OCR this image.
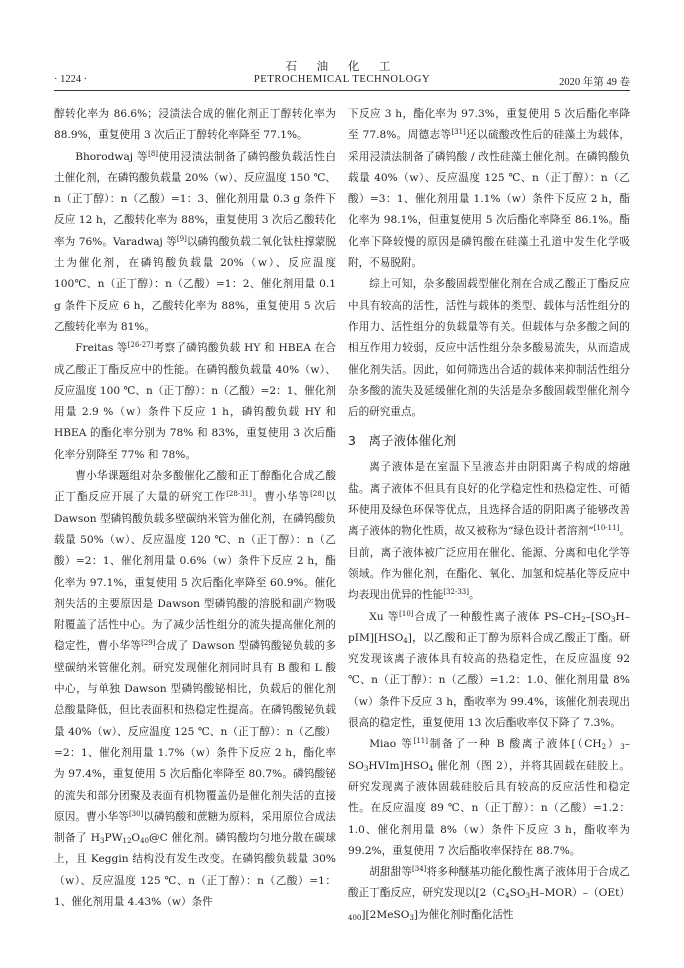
石 油 化 工
PETROCHEMICAL TECHNOLOGY
· 1224 ·	2020 年第 49 卷

醇转化率为 86.6%；浸渍法合成的催化剂正丁醇转化率为 88.9%，重复使用 3 次后正丁醇转化率降至 77.1%。

Bhorodwaj 等[8]使用浸渍法制备了磷钨酸负载活性白土催化剂，在磷钨酸负载量 20%（w）、反应温度 150 ℃、n（正丁醇）：n（乙酸）=1：3、催化剂用量 0.3 g 条件下反应 12 h，乙酸转化率为 88%，重复使用 3 次后乙酸转化率为 76%。Varadwaj 等[9]以磷钨酸负载二氧化钛柱撑蒙脱土为催化剂，在磷钨酸负载量 20%（w）、反应温度 100℃、n（正丁醇）：n（乙酸）=1：2、催化剂用量 0.1 g 条件下反应 6 h，乙酸转化率为 88%，重复使用 5 次后乙酸转化率为 81%。

Freitas 等[26-27]考察了磷钨酸负载 HY 和 HBEA 在合成乙酸正丁酯反应中的性能。在磷钨酸负载量 40%（w）、反应温度 100 ℃、n（正丁醇）：n（乙酸）=2：1、催化剂用量 2.9 %（w）条件下反应 1 h，磷钨酸负载 HY 和 HBEA 的酯化率分别为 78% 和 83%，重复使用 3 次后酯化率分别降至 77% 和 78%。

曹小华课题组对杂多酸催化乙酸和正丁醇酯化合成乙酸正丁酯反应开展了大量的研究工作[28-31]。曹小华等[28]以 Dawson 型磷钨酸负载多壁碳纳米管为催化剂，在磷钨酸负载量 50%（w）、反应温度 120 ℃、n（正丁醇）：n（乙酸）=2：1、催化剂用量 0.6%（w）条件下反应 2 h，酯化率为 97.1%，重复使用 5 次后酯化率降至 60.9%。催化剂失活的主要原因是 Dawson 型磷钨酸的溶脱和副产物吸附覆盖了活性中心。为了减少活性组分的流失提高催化剂的稳定性，曹小华等[29]合成了 Dawson 型磷钨酸铋负载的多壁碳纳米管催化剂。研究发现催化剂同时具有 B 酸和 L 酸中心，与单独 Dawson 型磷钨酸铋相比，负载后的催化剂总酸量降低，但比表面积和热稳定性提高。在磷钨酸铋负载量 40%（w）、反应温度 125 ℃、n（正丁醇）：n（乙酸）=2：1、催化剂用量 1.7%（w）条件下反应 2 h，酯化率为 97.4%，重复使用 5 次后酯化率降至 80.7%。磷钨酸铋的流失和部分团聚及表面有机物覆盖仍是催化剂失活的直接原因。曹小华等[30]以磷钨酸和蔗糖为原料，采用原位合成法制备了 $H_3PW_{12}O_{40}@C$ 催化剂。磷钨酸均匀地分散在碳球上，且 Keggin 结构没有发生改变。在磷钨酸负载量 30%（w）、反应温度 125 ℃、n（正丁醇）：n（乙酸）=1：1、催化剂用量 4.43%（w）条件

下反应 3 h，酯化率为 97.3%，重复使用 5 次后酯化率降至 77.8%。周德志等[31]还以硫酸改性后的硅藻土为载体，采用浸渍法制备了磷钨酸 / 改性硅藻土催化剂。在磷钨酸负载量 40%（w）、反应温度 125 ℃、n（正丁醇）：n（乙酸）=3：1、催化剂用量 1.1%（w）条件下反应 2 h，酯化率为 98.1%，但重复使用 5 次后酯化率降至 86.1%。酯化率下降较慢的原因是磷钨酸在硅藻土孔道中发生化学吸附，不易脱附。

综上可知，杂多酸固载型催化剂在合成乙酸正丁酯反应中具有较高的活性，活性与载体的类型、载体与活性组分的作用力、活性组分的负载量等有关。但载体与杂多酸之间的相互作用力较弱，反应中活性组分杂多酸易流失，从而造成催化剂失活。因此，如何筛选出合适的载体来抑制活性组分杂多酸的流失及延缓催化剂的失活是杂多酸固载型催化剂今后的研究重点。

3　离子液体催化剂

离子液体是在室温下呈液态并由阴阳离子构成的熔融盐。离子液体不但具有良好的化学稳定性和热稳定性、可循环使用及绿色环保等优点，且选择合适的阴阳离子能够改善离子液体的物化性质，故又被称为“绿色设计者溶剂”[10-11]。目前，离子液体被广泛应用在催化、能源、分离和电化学等领域。作为催化剂，在酯化、氧化、加氢和烷基化等反应中均表现出优异的性能[32-33]。

Xu 等[10]合成了一种酸性离子液体 $PS-CH_2-[SO_3H-pIM][HSO_4]$，以乙酸和正丁醇为原料合成乙酸正丁酯。研究发现该离子液体具有较高的热稳定性，在反应温度 92 ℃、n（正丁醇）：n（乙酸）=1.2：1.0、催化剂用量 8%（w）条件下反应 3 h，酯收率为 99.4%，该催化剂表现出很高的稳定性，重复使用 13 次后酯收率仅下降了 7.3%。

Miao 等[11]制备了一种 B 酸离子液体$[(CH_2)_3-SO_3HVIm]HSO_4$ 催化剂（图 2），并将其固载在硅胶上。研究发现离子液体固载硅胶后具有较高的反应活性和稳定性。在反应温度 89 ℃、n（正丁醇）：n（乙酸）=1.2：1.0、催化剂用量 8%（w）条件下反应 3 h，酯收率为 99.2%，重复使用 7 次后酯收率保持在 88.7%。

胡甜甜等[34]将多种醚基功能化酸性离子液体用于合成乙酸正丁酯反应，研究发现以$[2(C_4SO_3H-MOR)-(OEt)_{400}][2MeSO_3]$为催化剂时酯化活性
